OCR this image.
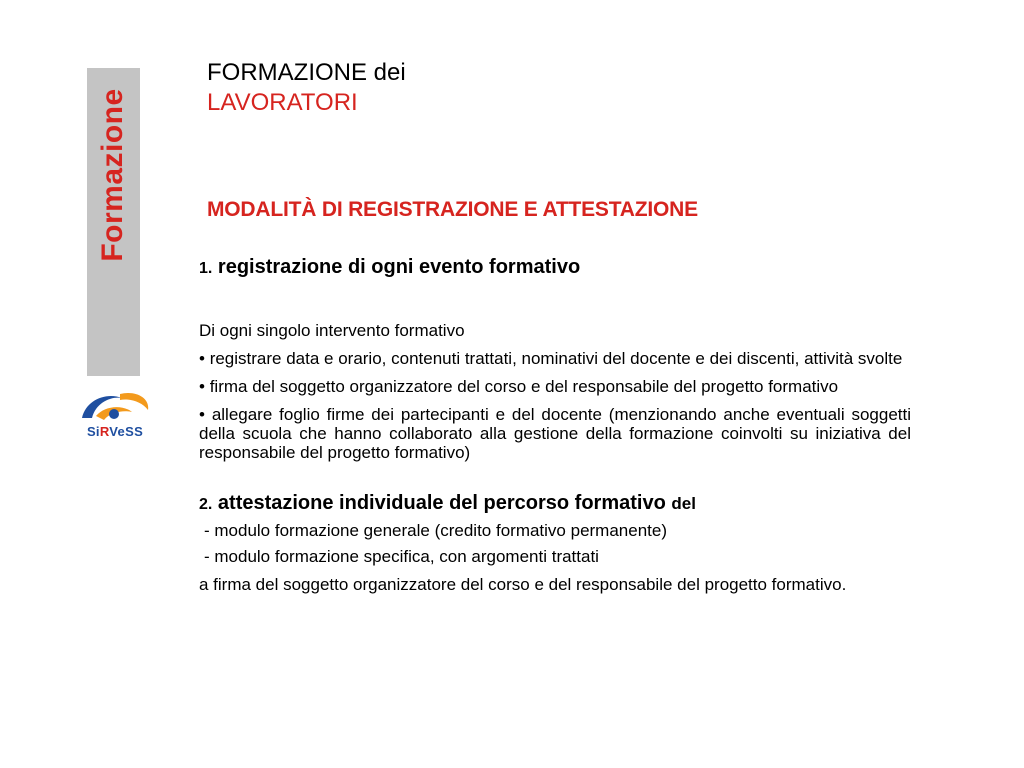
Formazione
SiRVeSS
FORMAZIONE dei
LAVORATORI
MODALITÀ DI REGISTRAZIONE E ATTESTAZIONE

1. registrazione di ogni evento formativo

Di ogni singolo intervento formativo

• registrare data e orario, contenuti trattati, nominativi del docente e dei discenti, attività svolte

• firma del soggetto organizzatore del corso e del responsabile del progetto formativo

• allegare foglio firme dei partecipanti e del docente (menzionando anche eventuali soggetti della scuola che hanno collaborato alla gestione della formazione coinvolti su iniziativa del responsabile del progetto formativo)

2. attestazione individuale del percorso formativo del

- modulo formazione generale (credito formativo permanente)

- modulo formazione specifica, con argomenti trattati

a firma del soggetto organizzatore del corso e del responsabile del progetto formativo.
